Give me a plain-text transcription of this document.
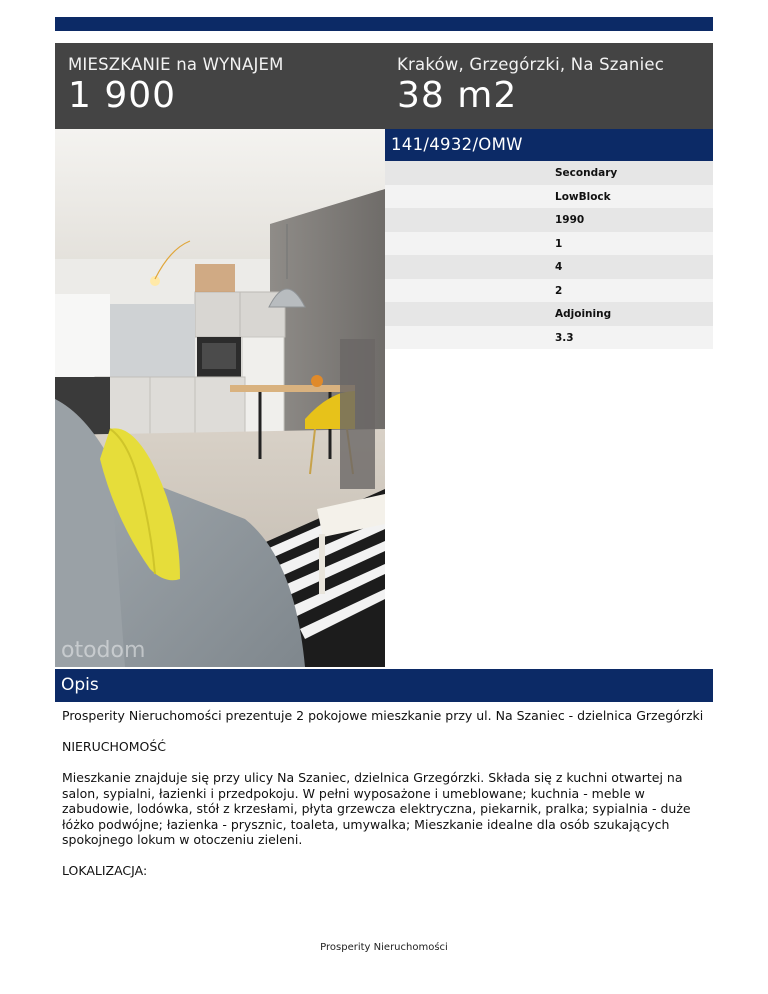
MIESZKANIE na WYNAJEM
1 900
Kraków, Grzegórzki, Na Szaniec
38 m2
otodom
141/4932/OMW
Secondary
LowBlock
1990
1
4
2
Adjoining
3.3
Opis

Prosperity Nieruchomości prezentuje 2 pokojowe mieszkanie przy ul. Na Szaniec - dzielnica Grzegórzki

NIERUCHOMOŚĆ

Mieszkanie znajduje się przy ulicy Na Szaniec, dzielnica Grzegórzki. Składa się z kuchni otwartej na salon, sypialni, łazienki i przedpokoju. W pełni wyposażone i umeblowane; kuchnia - meble w zabudowie, lodówka, stół z krzesłami, płyta grzewcza elektryczna, piekarnik, pralka; sypialnia - duże łóżko podwójne; łazienka - prysznic, toaleta, umywalka; Mieszkanie idealne dla osób szukających spokojnego lokum w otoczeniu zieleni.

LOKALIZACJA:

Prosperity Nieruchomości
